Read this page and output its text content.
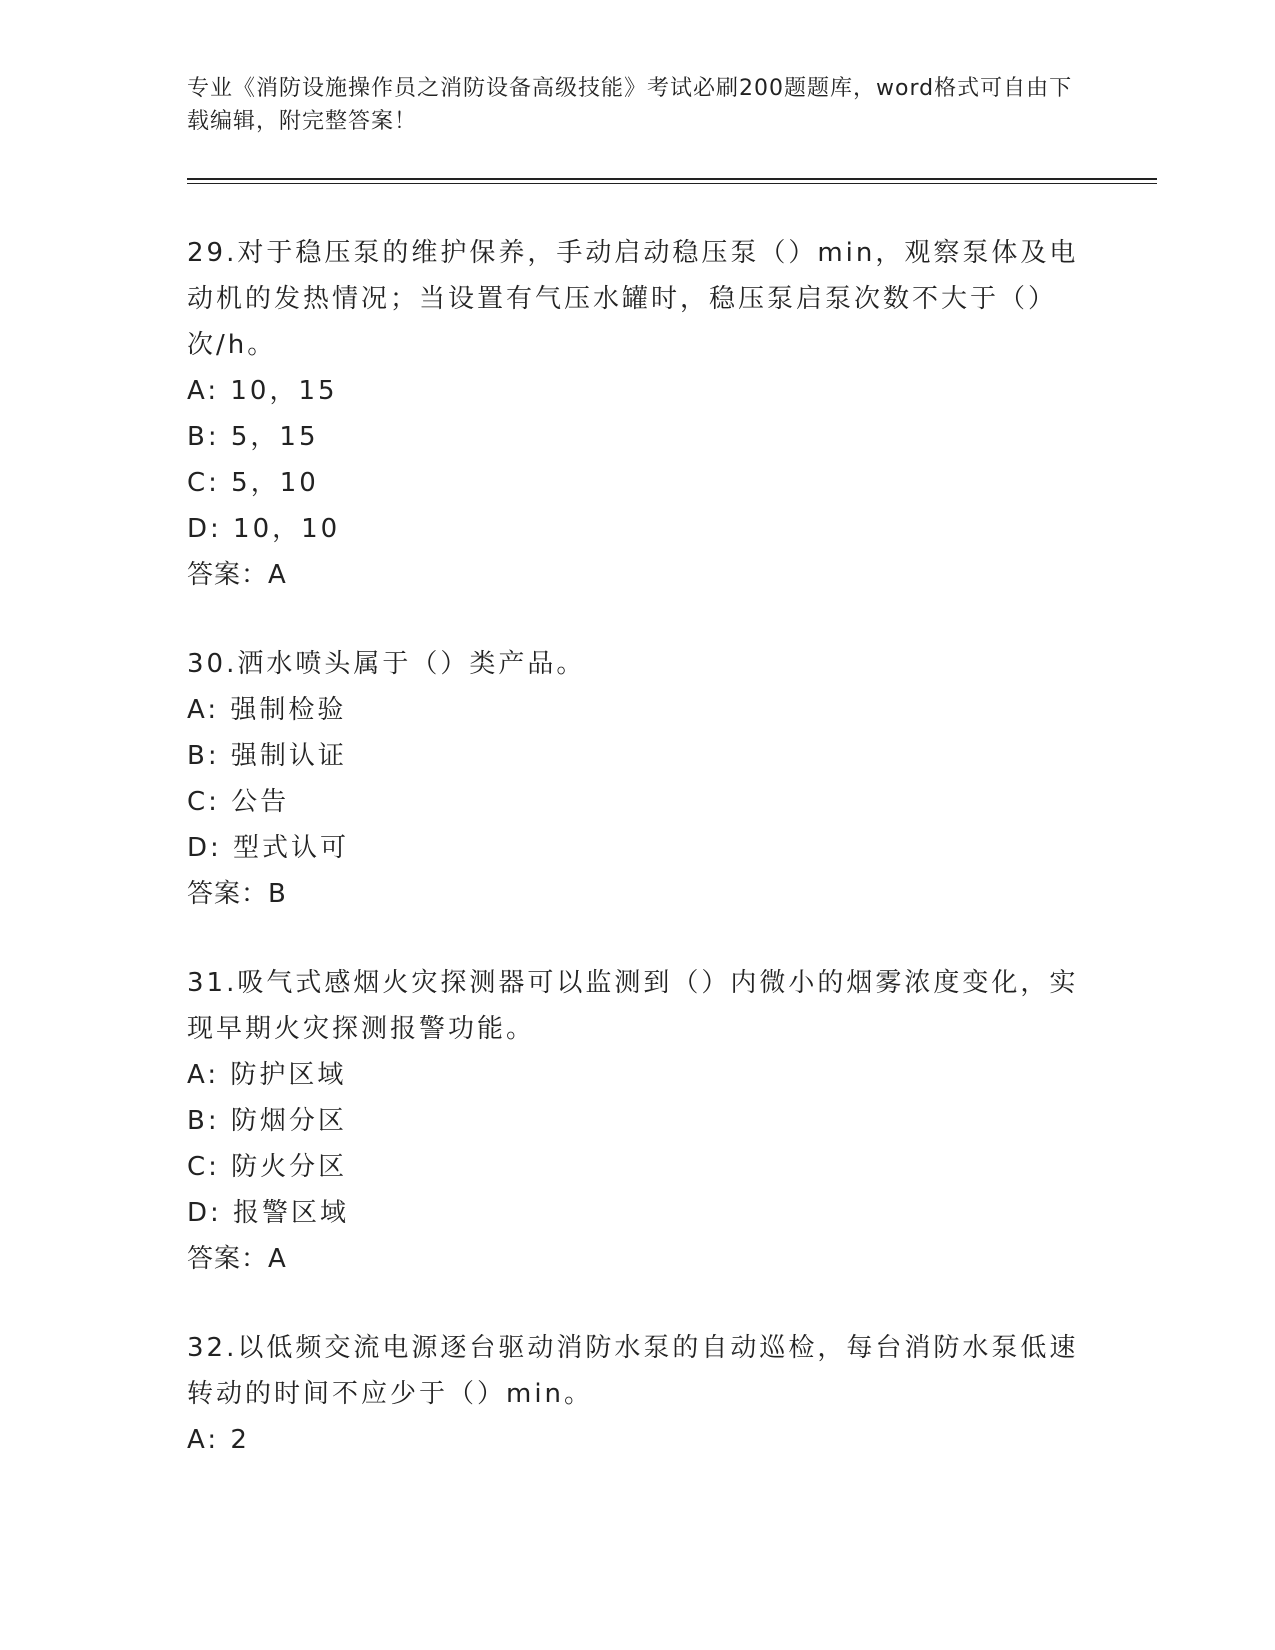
专业《消防设施操作员之消防设备高级技能》考试必刷200题题库，word格式可自由下载编辑，附完整答案！
29.对于稳压泵的维护保养，手动启动稳压泵（）min，观察泵体及电动机的发热情况；当设置有气压水罐时，稳压泵启泵次数不大于（）次/h。
A: 10，15
B: 5，15
C: 5，10
D: 10，10
答案：A
30.洒水喷头属于（）类产品。
A: 强制检验
B: 强制认证
C: 公告
D: 型式认可
答案：B
31.吸气式感烟火灾探测器可以监测到（）内微小的烟雾浓度变化，实现早期火灾探测报警功能。
A: 防护区域
B: 防烟分区
C: 防火分区
D: 报警区域
答案：A
32.以低频交流电源逐台驱动消防水泵的自动巡检，每台消防水泵低速转动的时间不应少于（）min。
A: 2
